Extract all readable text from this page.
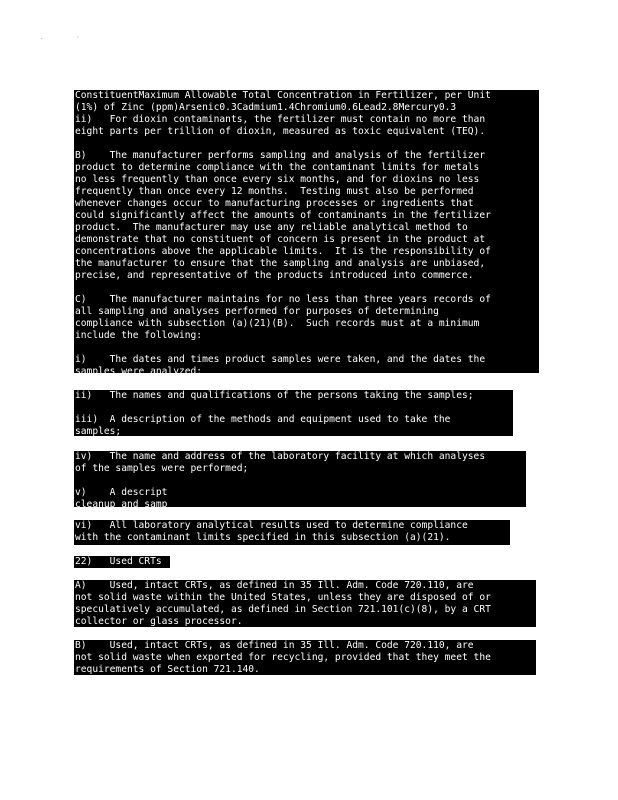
.	·
ConstituentMaximum Allowable Total Concentration in Fertilizer, per Unit
(1%) of Zinc (ppm)Arsenic0.3Cadmium1.4Chromium0.6Lead2.8Mercury0.3
ii)   For dioxin contaminants, the fertilizer must contain no more than
eight parts per trillion of dioxin, measured as toxic equivalent (TEQ).

B)    The manufacturer performs sampling and analysis of the fertilizer
product to determine compliance with the contaminant limits for metals
no less frequently than once every six months, and for dioxins no less
frequently than once every 12 months.  Testing must also be performed
whenever changes occur to manufacturing processes or ingredients that
could significantly affect the amounts of contaminants in the fertilizer
product.  The manufacturer may use any reliable analytical method to
demonstrate that no constituent of concern is present in the product at
concentrations above the applicable limits.  It is the responsibility of
the manufacturer to ensure that the sampling and analysis are unbiased,
precise, and representative of the products introduced into commerce.

C)    The manufacturer maintains for no less than three years records of
all sampling and analyses performed for purposes of determining
compliance with subsection (a)(21)(B).  Such records must at a minimum
include the following:

i)    The dates and times product samples were taken, and the dates the
samples were analyzed;
ii)   The names and qualifications of the persons taking the samples;

iii)  A description of the methods and equipment used to take the
samples;
iv)   The name and address of the laboratory facility at which analyses
of the samples were performed;

v)    A descript
cleanup and samp
vi)   All laboratory analytical results used to determine compliance
with the contaminant limits specified in this subsection (a)(21).
22)   Used CRTs
A)    Used, intact CRTs, as defined in 35 Ill. Adm. Code 720.110, are
not solid waste within the United States, unless they are disposed of or
speculatively accumulated, as defined in Section 721.101(c)(8), by a CRT
collector or glass processor.
B)    Used, intact CRTs, as defined in 35 Ill. Adm. Code 720.110, are
not solid waste when exported for recycling, provided that they meet the
requirements of Section 721.140.
